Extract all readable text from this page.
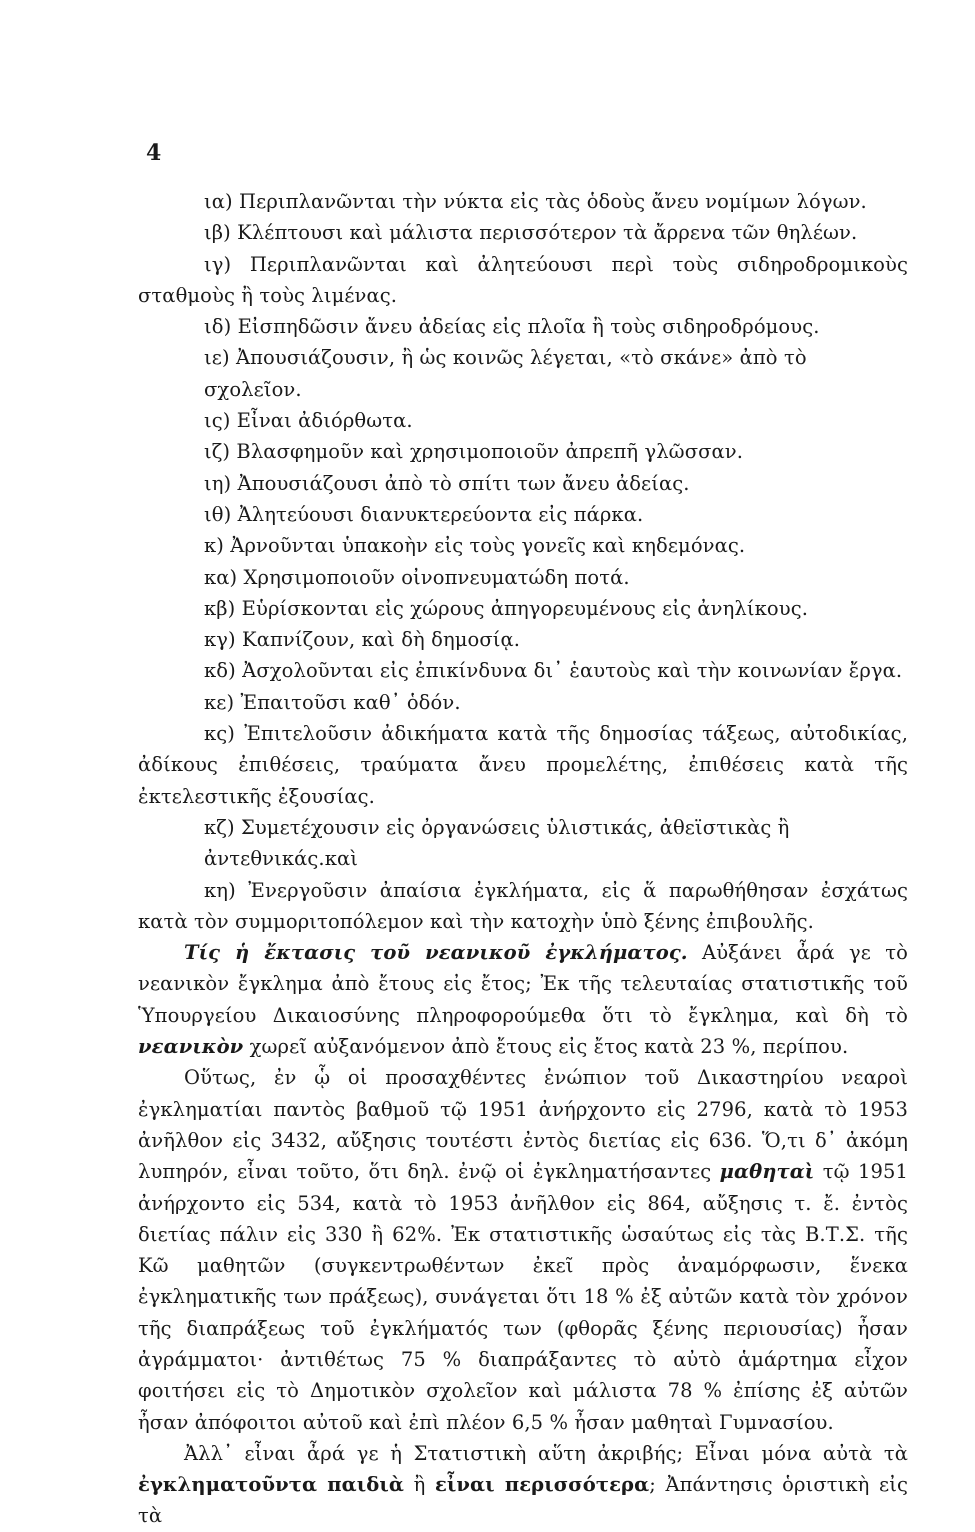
4
ια) Περιπλανῶνται τὴν νύκτα εἰς τὰς ὁδοὺς ἄνευ νομίμων λόγων.
ιβ) Κλέπτουσι καὶ μάλιστα περισσότερον τὰ ἄρρενα τῶν θηλέων.
ιγ) Περιπλανῶνται καὶ ἀλητεύουσι περὶ τοὺς σιδηροδρομικοὺς σταθμοὺς ἢ τοὺς λιμένας.
ιδ) Εἰσπηδῶσιν ἄνευ ἀδείας εἰς πλοῖα ἢ τοὺς σιδηροδρόμους.
ιε) Ἀπουσιάζουσιν, ἢ ὡς κοινῶς λέγεται, «τὸ σκάνε» ἀπὸ τὸ σχολεῖον.
ις) Εἶναι ἀδιόρθωτα.
ιζ) Βλασφημοῦν καὶ χρησιμοποιοῦν ἀπρεπῆ γλῶσσαν.
ιη) Ἀπουσιάζουσι ἀπὸ τὸ σπίτι των ἄνευ ἀδείας.
ιθ) Ἀλητεύουσι διανυκτερεύοντα εἰς πάρκα.
κ) Ἀρνοῦνται ὑπακοὴν εἰς τοὺς γονεῖς καὶ κηδεμόνας.
κα) Χρησιμοποιοῦν οἰνοπνευματώδη ποτά.
κβ) Εὑρίσκονται εἰς χώρους ἀπηγορευμένους εἰς ἀνηλίκους.
κγ) Καπνίζουν, καὶ δὴ δημοσίᾳ.
κδ) Ἀσχολοῦνται εἰς ἐπικίνδυνα δι᾽ ἑαυτοὺς καὶ τὴν κοινωνίαν ἔργα.
κε) Ἐπαιτοῦσι καθ᾽ ὁδόν.
κς) Ἐπιτελοῦσιν ἀδικήματα κατὰ τῆς δημοσίας τάξεως, αὐτοδικίας, ἀδίκους ἐπιθέσεις, τραύματα ἄνευ προμελέτης, ἐπιθέσεις κατὰ τῆς ἐκτελεστικῆς ἐξουσίας.
κζ) Συμετέχουσιν εἰς ὀργανώσεις ὑλιστικάς, ἀθεϊστικὰς ἢ ἀντεθνικάς.καὶ
κη) Ἐνεργοῦσιν ἀπαίσια ἐγκλήματα, εἰς ἅ παρωθήθησαν ἐσχάτως κατὰ τὸν συμμοριτοπόλεμον καὶ τὴν κατοχὴν ὑπὸ ξένης ἐπιβουλῆς.

Τίς ἡ ἔκτασις τοῦ νεανικοῦ ἐγκλήματος. Αὐξάνει ἆρά γε τὸ νεανικὸν ἔγκλημα ἀπὸ ἔτους εἰς ἔτος; Ἐκ τῆς τελευταίας στατιστικῆς τοῦ Ὑπουργείου Δικαιοσύνης πληροφορούμεθα ὅτι τὸ ἔγκλημα, καὶ δὴ τὸ νεανικὸν χωρεῖ αὐξανόμενον ἀπὸ ἔτους εἰς ἔτος κατὰ 23 %, περίπου.

Οὕτως, ἐν ᾧ οἱ προσαχθέντες ἐνώπιον τοῦ Δικαστηρίου νεαροὶ ἐγκληματίαι παντὸς βαθμοῦ τῷ 1951 ἀνήρχοντο εἰς 2796, κατὰ τὸ 1953 ἀνῆλθον εἰς 3432, αὔξησις τουτέστι ἐντὸς διετίας εἰς 636. Ὅ,τι δ᾽ ἀκόμη λυπηρόν, εἶναι τοῦτο, ὅτι δηλ. ἐνῷ οἱ ἐγκληματήσαντες μαθηταὶ τῷ 1951 ἀνήρχοντο εἰς 534, κατὰ τὸ 1953 ἀνῆλθον εἰς 864, αὔξησις τ. ἔ. ἐντὸς διετίας πάλιν εἰς 330 ἢ 62%. Ἐκ στατιστικῆς ὡσαύτως εἰς τὰς Β.Τ.Σ. τῆς Κῶ μαθητῶν (συγκεντρωθέντων ἐκεῖ πρὸς ἀναμόρφωσιν, ἕνεκα ἐγκληματικῆς των πράξεως), συνάγεται ὅτι 18 % ἐξ αὐτῶν κατὰ τὸν χρόνον τῆς διαπράξεως τοῦ ἐγκλήματός των (φθορᾶς ξένης περιουσίας) ἦσαν ἀγράμματοι· ἀντιθέτως 75 % διαπράξαντες τὸ αὐτὸ ἁμάρτημα εἶχον φοιτήσει εἰς τὸ Δημοτικὸν σχολεῖον καὶ μάλιστα 78 % ἐπίσης ἐξ αὐτῶν ἦσαν ἀπόφοιτοι αὐτοῦ καὶ ἐπὶ πλέον 6,5 % ἦσαν μαθηταὶ Γυμνασίου.

Ἀλλ᾽ εἶναι ἆρά γε ἡ Στατιστικὴ αὕτη ἀκριβής; Εἶναι μόνα αὐτὰ τὰ ἐγκληματοῦντα παιδιὰ ἢ εἶναι περισσότερα; Ἀπάντησις ὁριστικὴ εἰς τὰ
